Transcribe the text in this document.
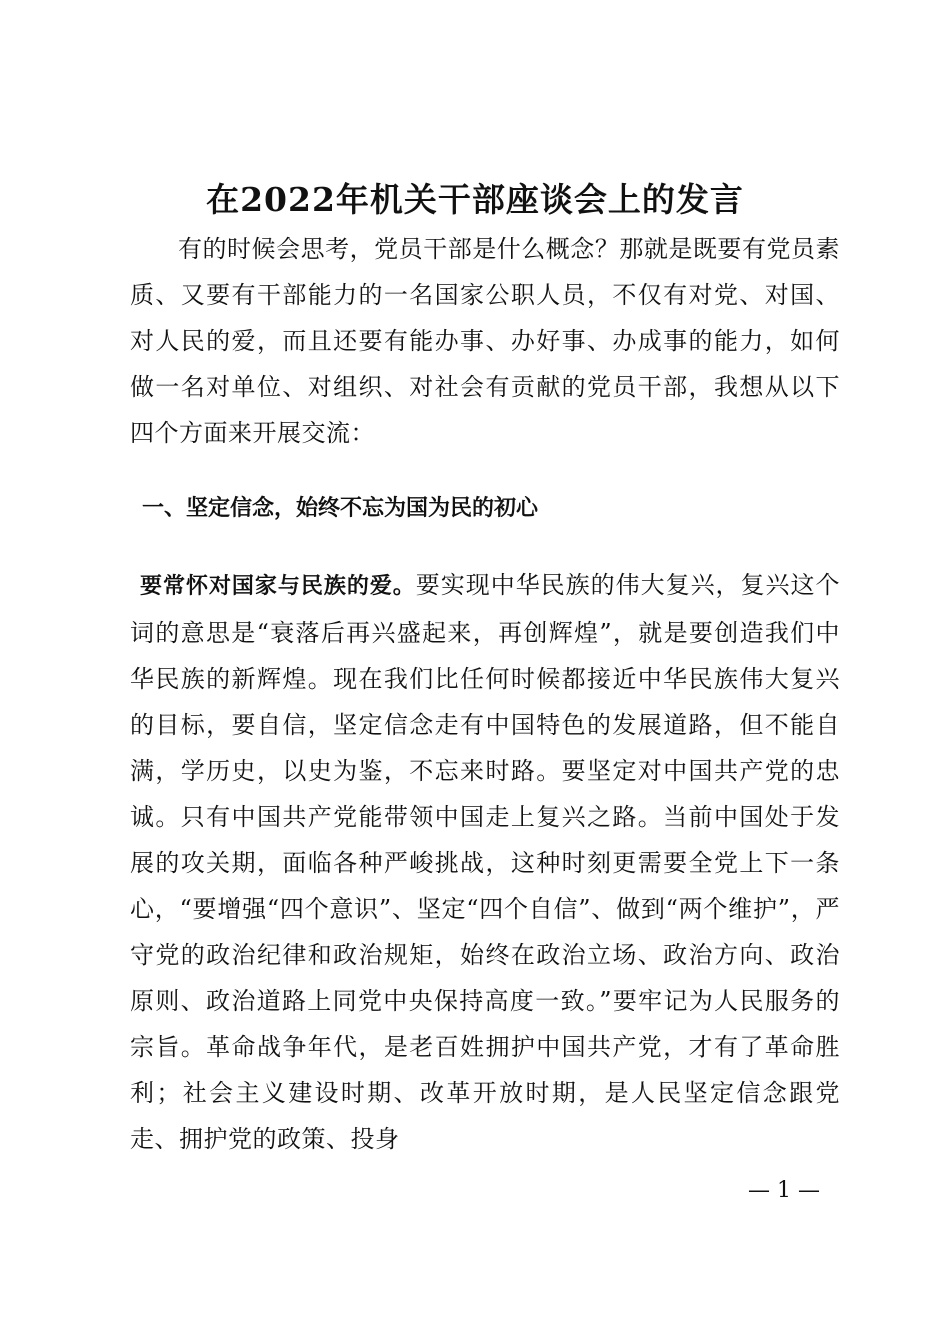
在2022年机关干部座谈会上的发言

有的时候会思考，党员干部是什么概念？那就是既要有党员素质、又要有干部能力的一名国家公职人员，不仅有对党、对国、对人民的爱，而且还要有能办事、办好事、办成事的能力，如何做一名对单位、对组织、对社会有贡献的党员干部，我想从以下四个方面来开展交流：

一、坚定信念，始终不忘为国为民的初心

要常怀对国家与民族的爱。要实现中华民族的伟大复兴，复兴这个词的意思是“衰落后再兴盛起来，再创辉煌”，就是要创造我们中华民族的新辉煌。现在我们比任何时候都接近中华民族伟大复兴的目标，要自信，坚定信念走有中国特色的发展道路，但不能自满，学历史，以史为鉴，不忘来时路。要坚定对中国共产党的忠诚。只有中国共产党能带领中国走上复兴之路。当前中国处于发展的攻关期，面临各种严峻挑战，这种时刻更需要全党上下一条心，“要增强“四个意识”、坚定“四个自信”、做到“两个维护”，严守党的政治纪律和政治规矩，始终在政治立场、政治方向、政治原则、政治道路上同党中央保持高度一致。”要牢记为人民服务的宗旨。革命战争年代，是老百姓拥护中国共产党，才有了革命胜利；社会主义建设时期、改革开放时期，是人民坚定信念跟党走、拥护党的政策、投身

— 1 —
